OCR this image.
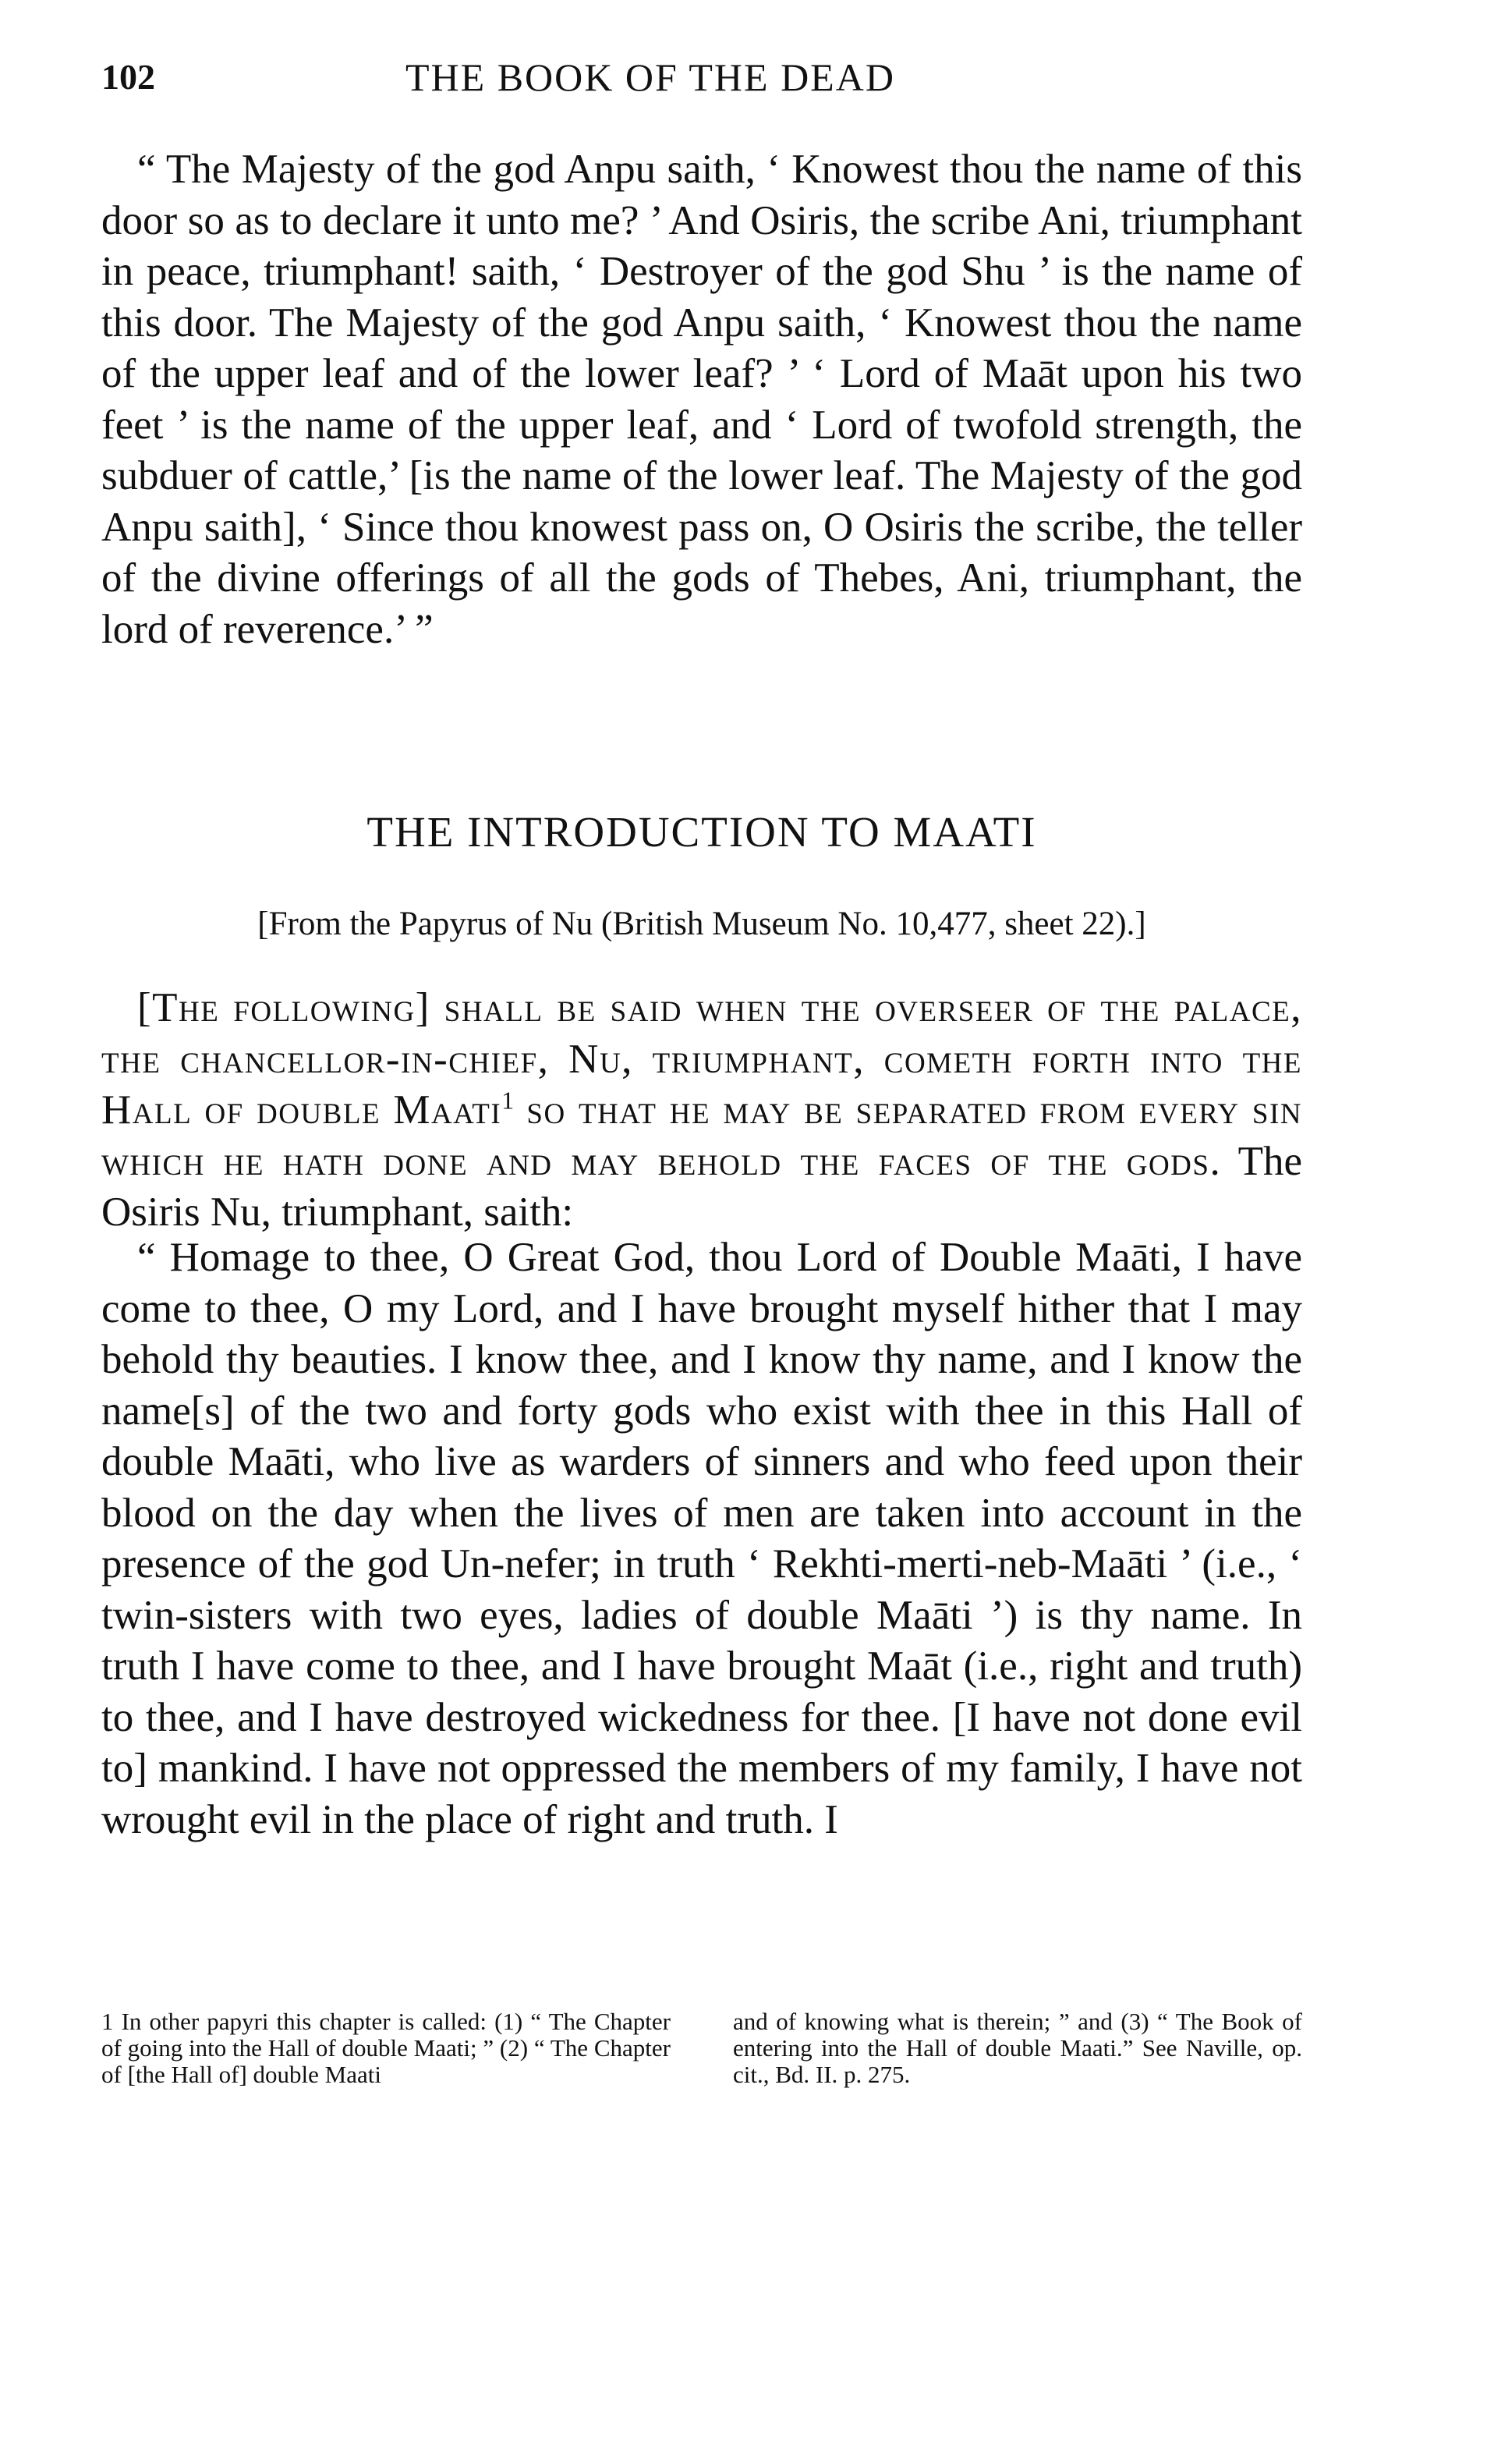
102	THE BOOK OF THE DEAD

“ The Majesty of the god Anpu saith, ‘ Knowest thou the name of this door so as to declare it unto me? ’ And Osiris, the scribe Ani, triumphant in peace, triumphant! saith, ‘ Destroyer of the god Shu ’ is the name of this door. The Majesty of the god Anpu saith, ‘ Knowest thou the name of the upper leaf and of the lower leaf? ’ ‘ Lord of Maāt upon his two feet ’ is the name of the upper leaf, and ‘ Lord of twofold strength, the subduer of cattle,’ [is the name of the lower leaf. The Majesty of the god Anpu saith], ‘ Since thou knowest pass on, O Osiris the scribe, the teller of the divine offerings of all the gods of Thebes, Ani, triumphant, the lord of reverence.’ ”

THE INTRODUCTION TO MAATI
[From the Papyrus of Nu (British Museum No. 10,477, sheet 22).]

[The following] shall be said when the overseer of the palace, the chancellor-in-chief, Nu, triumphant, cometh forth into the Hall of double Maati$^1$ so that he may be separated from every sin which he hath done and may behold the faces of the gods. The Osiris Nu, triumphant, saith:

“ Homage to thee, O Great God, thou Lord of Double Maāti, I have come to thee, O my Lord, and I have brought myself hither that I may behold thy beauties. I know thee, and I know thy name, and I know the name[s] of the two and forty gods who exist with thee in this Hall of double Maāti, who live as warders of sinners and who feed upon their blood on the day when the lives of men are taken into account in the presence of the god Un-nefer; in truth ‘ Rekhti-merti-neb-Maāti ’ (i.e., ‘ twin-sisters with two eyes, ladies of double Maāti ’) is thy name. In truth I have come to thee, and I have brought Maāt (i.e., right and truth) to thee, and I have destroyed wickedness for thee. [I have not done evil to] mankind. I have not oppressed the members of my family, I have not wrought evil in the place of right and truth. I

1 In other papyri this chapter is called: (1) “ The Chapter of going into the Hall of double Maati; ” (2) “ The Chapter of [the Hall of] double Maati

and of knowing what is therein; ” and (3) “ The Book of entering into the Hall of double Maati.” See Naville, op. cit., Bd. II. p. 275.
